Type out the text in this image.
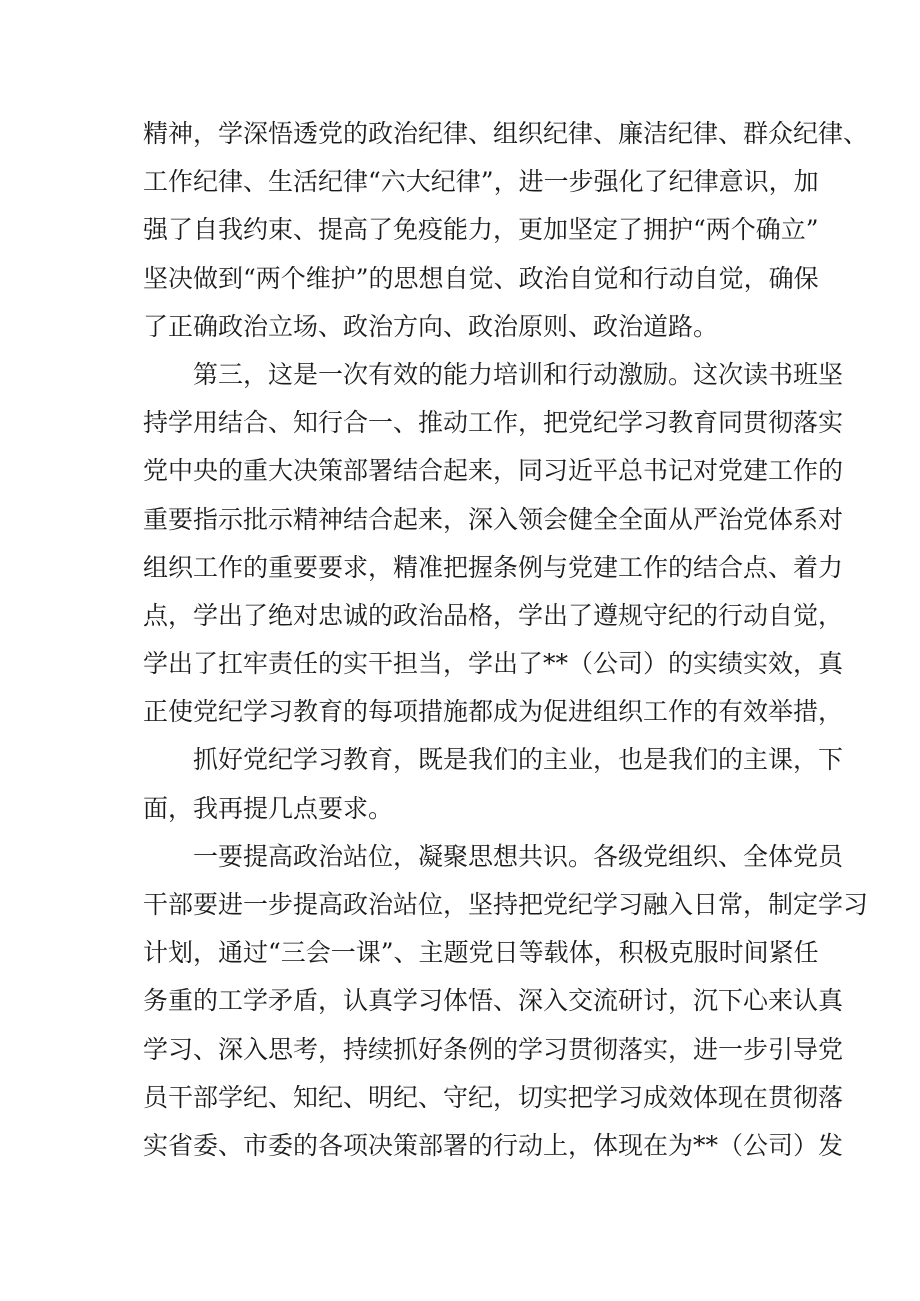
精神，学深悟透党的政治纪律、组织纪律、廉洁纪律、群众纪律、
工作纪律、生活纪律“六大纪律”，进一步强化了纪律意识，加
强了自我约束、提高了免疫能力，更加坚定了拥护“两个确立”
坚决做到“两个维护”的思想自觉、政治自觉和行动自觉，确保
了正确政治立场、政治方向、政治原则、政治道路。
第三，这是一次有效的能力培训和行动激励。这次读书班坚
持学用结合、知行合一、推动工作，把党纪学习教育同贯彻落实
党中央的重大决策部署结合起来，同习近平总书记对党建工作的
重要指示批示精神结合起来，深入领会健全全面从严治党体系对
组织工作的重要要求，精准把握条例与党建工作的结合点、着力
点，学出了绝对忠诚的政治品格，学出了遵规守纪的行动自觉，
学出了扛牢责任的实干担当，学出了**（公司）的实绩实效，真
正使党纪学习教育的每项措施都成为促进组织工作的有效举措，
抓好党纪学习教育，既是我们的主业，也是我们的主课，下
面，我再提几点要求。
一要提高政治站位，凝聚思想共识。各级党组织、全体党员
干部要进一步提高政治站位，坚持把党纪学习融入日常，制定学习
计划，通过“三会一课”、主题党日等载体，积极克服时间紧任
务重的工学矛盾，认真学习体悟、深入交流研讨，沉下心来认真
学习、深入思考，持续抓好条例的学习贯彻落实，进一步引导党
员干部学纪、知纪、明纪、守纪，切实把学习成效体现在贯彻落
实省委、市委的各项决策部署的行动上，体现在为**（公司）发
